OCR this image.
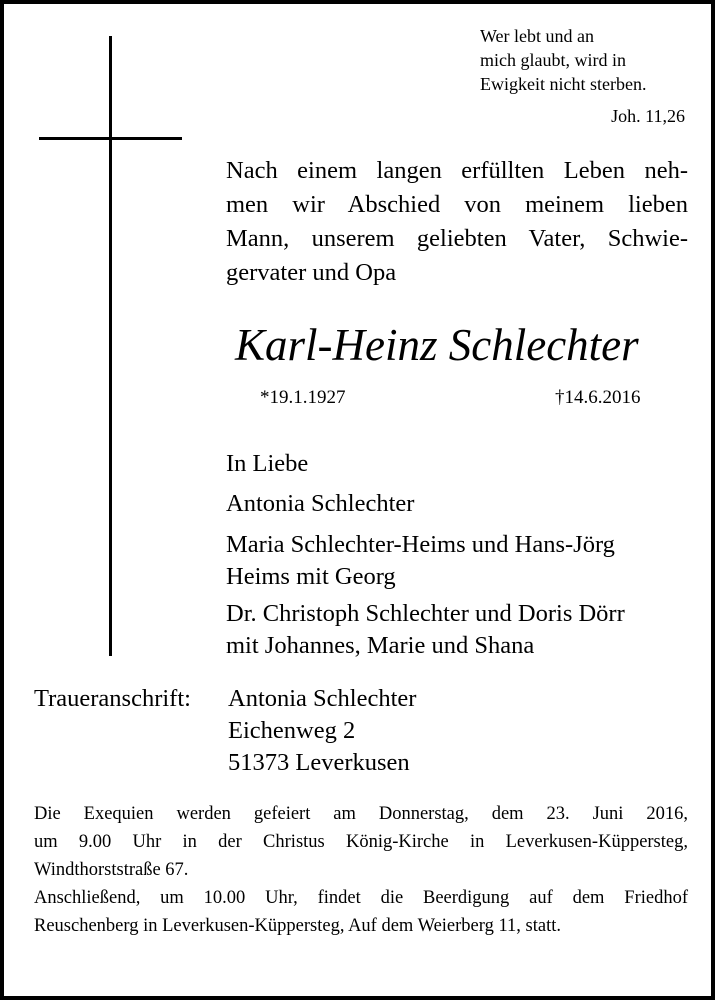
Wer lebt und an
mich glaubt, wird in
Ewigkeit nicht sterben.
Joh. 11,26
Nach einem langen erfüllten Leben neh-
men wir Abschied von meinem lieben
Mann, unserem geliebten Vater, Schwie-
gervater und Opa
Karl-Heinz Schlechter
*19.1.1927	†14.6.2016
In Liebe
Antonia Schlechter
Maria Schlechter-Heims und Hans-Jörg
Heims mit Georg
Dr. Christoph Schlechter und Doris Dörr
mit Johannes, Marie und Shana
Traueranschrift: Antonia Schlechter
Eichenweg 2
51373 Leverkusen
Die Exequien werden gefeiert am Donnerstag, dem 23. Juni 2016,
um 9.00 Uhr in der Christus König-Kirche in Leverkusen-Küppersteg,
Windthorststraße 67.
Anschließend, um 10.00 Uhr, findet die Beerdigung auf dem Friedhof
Reuschenberg in Leverkusen-Küppersteg, Auf dem Weierberg 11, statt.
